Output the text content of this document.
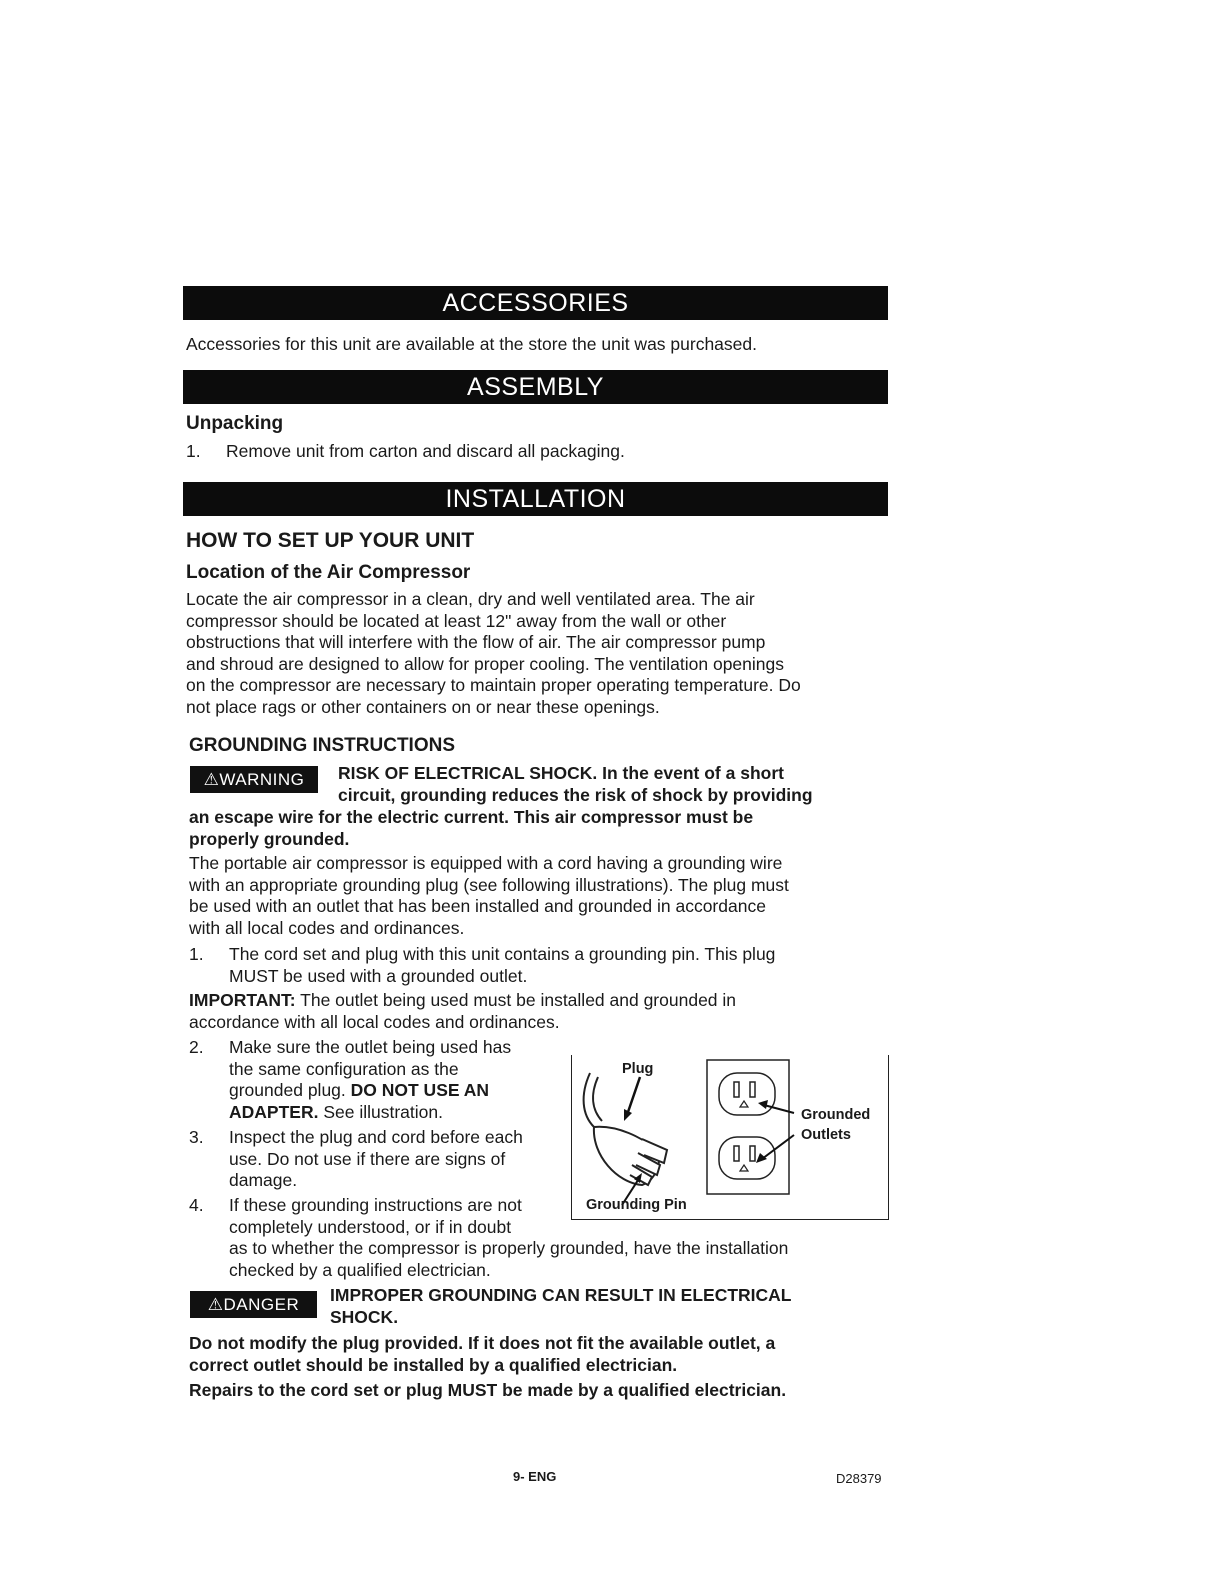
ACCESSORIES
Accessories for this unit are available at the store the unit was purchased.
ASSEMBLY
Unpacking
1. Remove unit from carton and discard all packaging.
INSTALLATION
HOW TO SET UP YOUR UNIT
Location of the Air Compressor
Locate the air compressor in a clean, dry and well ventilated area. The air
compressor should be located at least 12" away from the wall or other
obstructions that will interfere with the flow of air. The air compressor pump
and shroud are designed to allow for proper cooling. The ventilation openings
on the compressor are necessary to maintain proper operating temperature. Do
not place rags or other containers on or near these openings.
GROUNDING INSTRUCTIONS
⚠WARNING	RISK OF ELECTRICAL SHOCK. In the event of a short
circuit, grounding reduces the risk of shock by providing
an escape wire for the electric current. This air compressor must be
properly grounded.
The portable air compressor is equipped with a cord having a grounding wire
with an appropriate grounding plug (see following illustrations). The plug must
be used with an outlet that has been installed and grounded in accordance
with all local codes and ordinances.
1. The cord set and plug with this unit contains a grounding pin. This plug
MUST be used with a grounded outlet.
IMPORTANT: The outlet being used must be installed and grounded in
accordance with all local codes and ordinances.
2. Make sure the outlet being used has
the same configuration as the
grounded plug. DO NOT USE AN
ADAPTER. See illustration.
3. Inspect the plug and cord before each
use. Do not use if there are signs of
damage.
4. If these grounding instructions are not
completely understood, or if in doubt
as to whether the compressor is properly grounded, have the installation
checked by a qualified electrician.
Plug
Grounded
Outlets
Grounding Pin
⚠DANGER	IMPROPER GROUNDING CAN RESULT IN ELECTRICAL
SHOCK.
Do not modify the plug provided. If it does not fit the available outlet, a
correct outlet should be installed by a qualified electrician.
Repairs to the cord set or plug MUST be made by a qualified electrician.
9- ENG	D28379
